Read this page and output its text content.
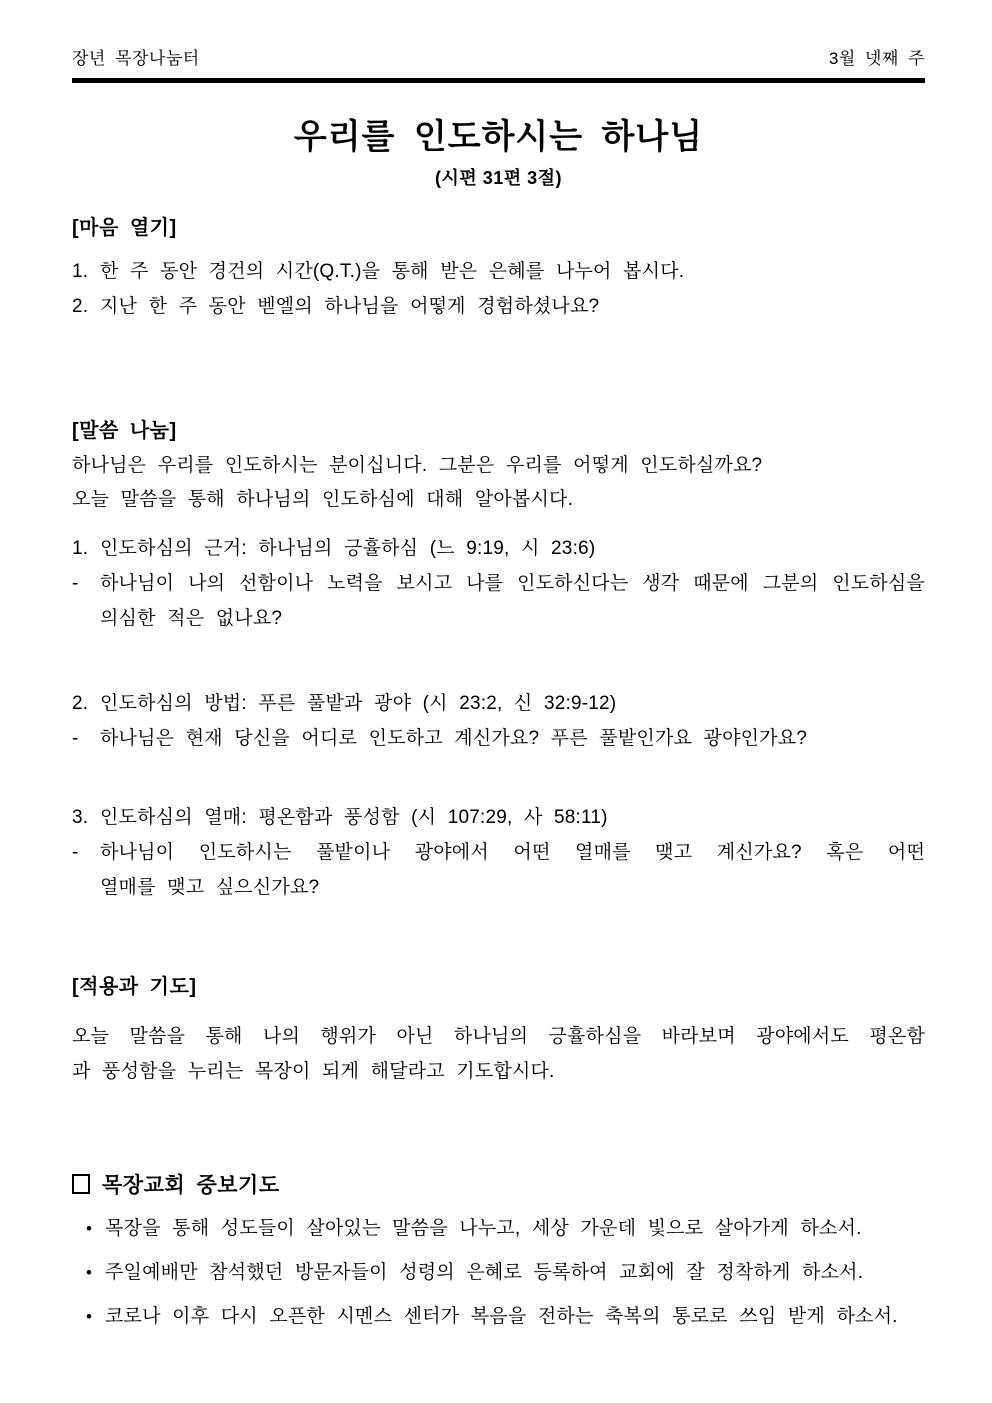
장년 목장나눔터	3월 넷째 주
우리를 인도하시는 하나님
(시편 31편 3절)
[마음 열기]
1. 한 주 동안 경건의 시간(Q.T.)을 통해 받은 은혜를 나누어 봅시다.
2. 지난 한 주 동안 벧엘의 하나님을 어떻게 경험하셨나요?
[말씀 나눔]
하나님은 우리를 인도하시는 분이십니다. 그분은 우리를 어떻게 인도하실까요?
오늘 말씀을 통해 하나님의 인도하심에 대해 알아봅시다.
1. 인도하심의 근거: 하나님의 긍휼하심 (느 9:19, 시 23:6)
-	하나님이 나의 선함이나 노력을 보시고 나를 인도하신다는 생각 때문에 그분의 인도하심을
의심한 적은 없나요?
2. 인도하심의 방법: 푸른 풀밭과 광야 (시 23:2, 신 32:9-12)
-	하나님은 현재 당신을 어디로 인도하고 계신가요? 푸른 풀밭인가요 광야인가요?
3. 인도하심의 열매: 평온함과 풍성함 (시 107:29, 사 58:11)
-	하나님이 인도하시는 풀밭이나 광야에서 어떤 열매를 맺고 계신가요? 혹은 어떤
열매를 맺고 싶으신가요?
[적용과 기도]
오늘 말씀을 통해 나의 행위가 아닌 하나님의 긍휼하심을 바라보며 광야에서도 평온함
과 풍성함을 누리는 목장이 되게 해달라고 기도합시다.
목장교회 중보기도
• 목장을 통해 성도들이 살아있는 말씀을 나누고, 세상 가운데 빛으로 살아가게 하소서.
• 주일예배만 참석했던 방문자들이 성령의 은혜로 등록하여 교회에 잘 정착하게 하소서.
• 코로나 이후 다시 오픈한 시멘스 센터가 복음을 전하는 축복의 통로로 쓰임 받게 하소서.
